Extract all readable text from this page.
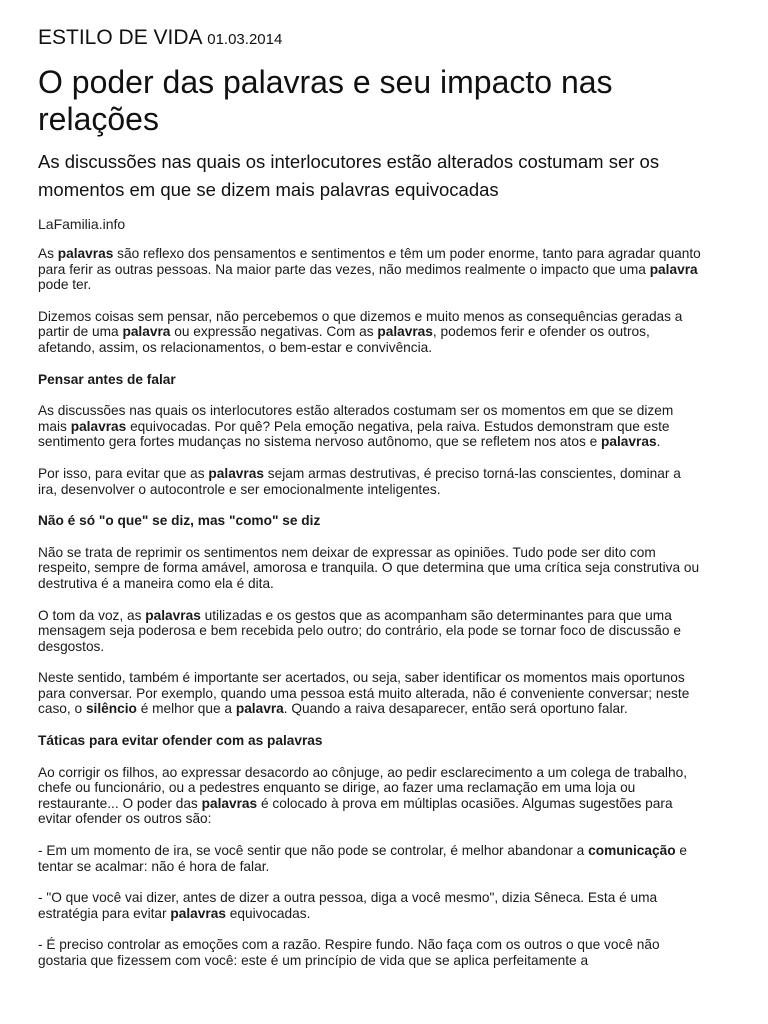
ESTILO DE VIDA 01.03.2014
O poder das palavras e seu impacto nas relações

As discussões nas quais os interlocutores estão alterados costumam ser os momentos em que se dizem mais palavras equivocadas

LaFamilia.info

As palavras são reflexo dos pensamentos e sentimentos e têm um poder enorme, tanto para agradar quanto para ferir as outras pessoas. Na maior parte das vezes, não medimos realmente o impacto que uma palavra pode ter.

Dizemos coisas sem pensar, não percebemos o que dizemos e muito menos as consequências geradas a partir de uma palavra ou expressão negativas. Com as palavras, podemos ferir e ofender os outros, afetando, assim, os relacionamentos, o bem-estar e convivência.

Pensar antes de falar

As discussões nas quais os interlocutores estão alterados costumam ser os momentos em que se dizem mais palavras equivocadas. Por quê? Pela emoção negativa, pela raiva. Estudos demonstram que este sentimento gera fortes mudanças no sistema nervoso autônomo, que se refletem nos atos e palavras.

Por isso, para evitar que as palavras sejam armas destrutivas, é preciso torná-las conscientes, dominar a ira, desenvolver o autocontrole e ser emocionalmente inteligentes.

Não é só "o que" se diz, mas "como" se diz

Não se trata de reprimir os sentimentos nem deixar de expressar as opiniões. Tudo pode ser dito com respeito, sempre de forma amável, amorosa e tranquila. O que determina que uma crítica seja construtiva ou destrutiva é a maneira como ela é dita.

O tom da voz, as palavras utilizadas e os gestos que as acompanham são determinantes para que uma mensagem seja poderosa e bem recebida pelo outro; do contrário, ela pode se tornar foco de discussão e desgostos.

Neste sentido, também é importante ser acertados, ou seja, saber identificar os momentos mais oportunos para conversar. Por exemplo, quando uma pessoa está muito alterada, não é conveniente conversar; neste caso, o silêncio é melhor que a palavra. Quando a raiva desaparecer, então será oportuno falar.

Táticas para evitar ofender com as palavras

Ao corrigir os filhos, ao expressar desacordo ao cônjuge, ao pedir esclarecimento a um colega de trabalho, chefe ou funcionário, ou a pedestres enquanto se dirige, ao fazer uma reclamação em uma loja ou restaurante... O poder das palavras é colocado à prova em múltiplas ocasiões. Algumas sugestões para evitar ofender os outros são:

- Em um momento de ira, se você sentir que não pode se controlar, é melhor abandonar a comunicação e tentar se acalmar: não é hora de falar.

- "O que você vai dizer, antes de dizer a outra pessoa, diga a você mesmo", dizia Sêneca. Esta é uma estratégia para evitar palavras equivocadas.

- É preciso controlar as emoções com a razão. Respire fundo. Não faça com os outros o que você não gostaria que fizessem com você: este é um princípio de vida que se aplica perfeitamente a
